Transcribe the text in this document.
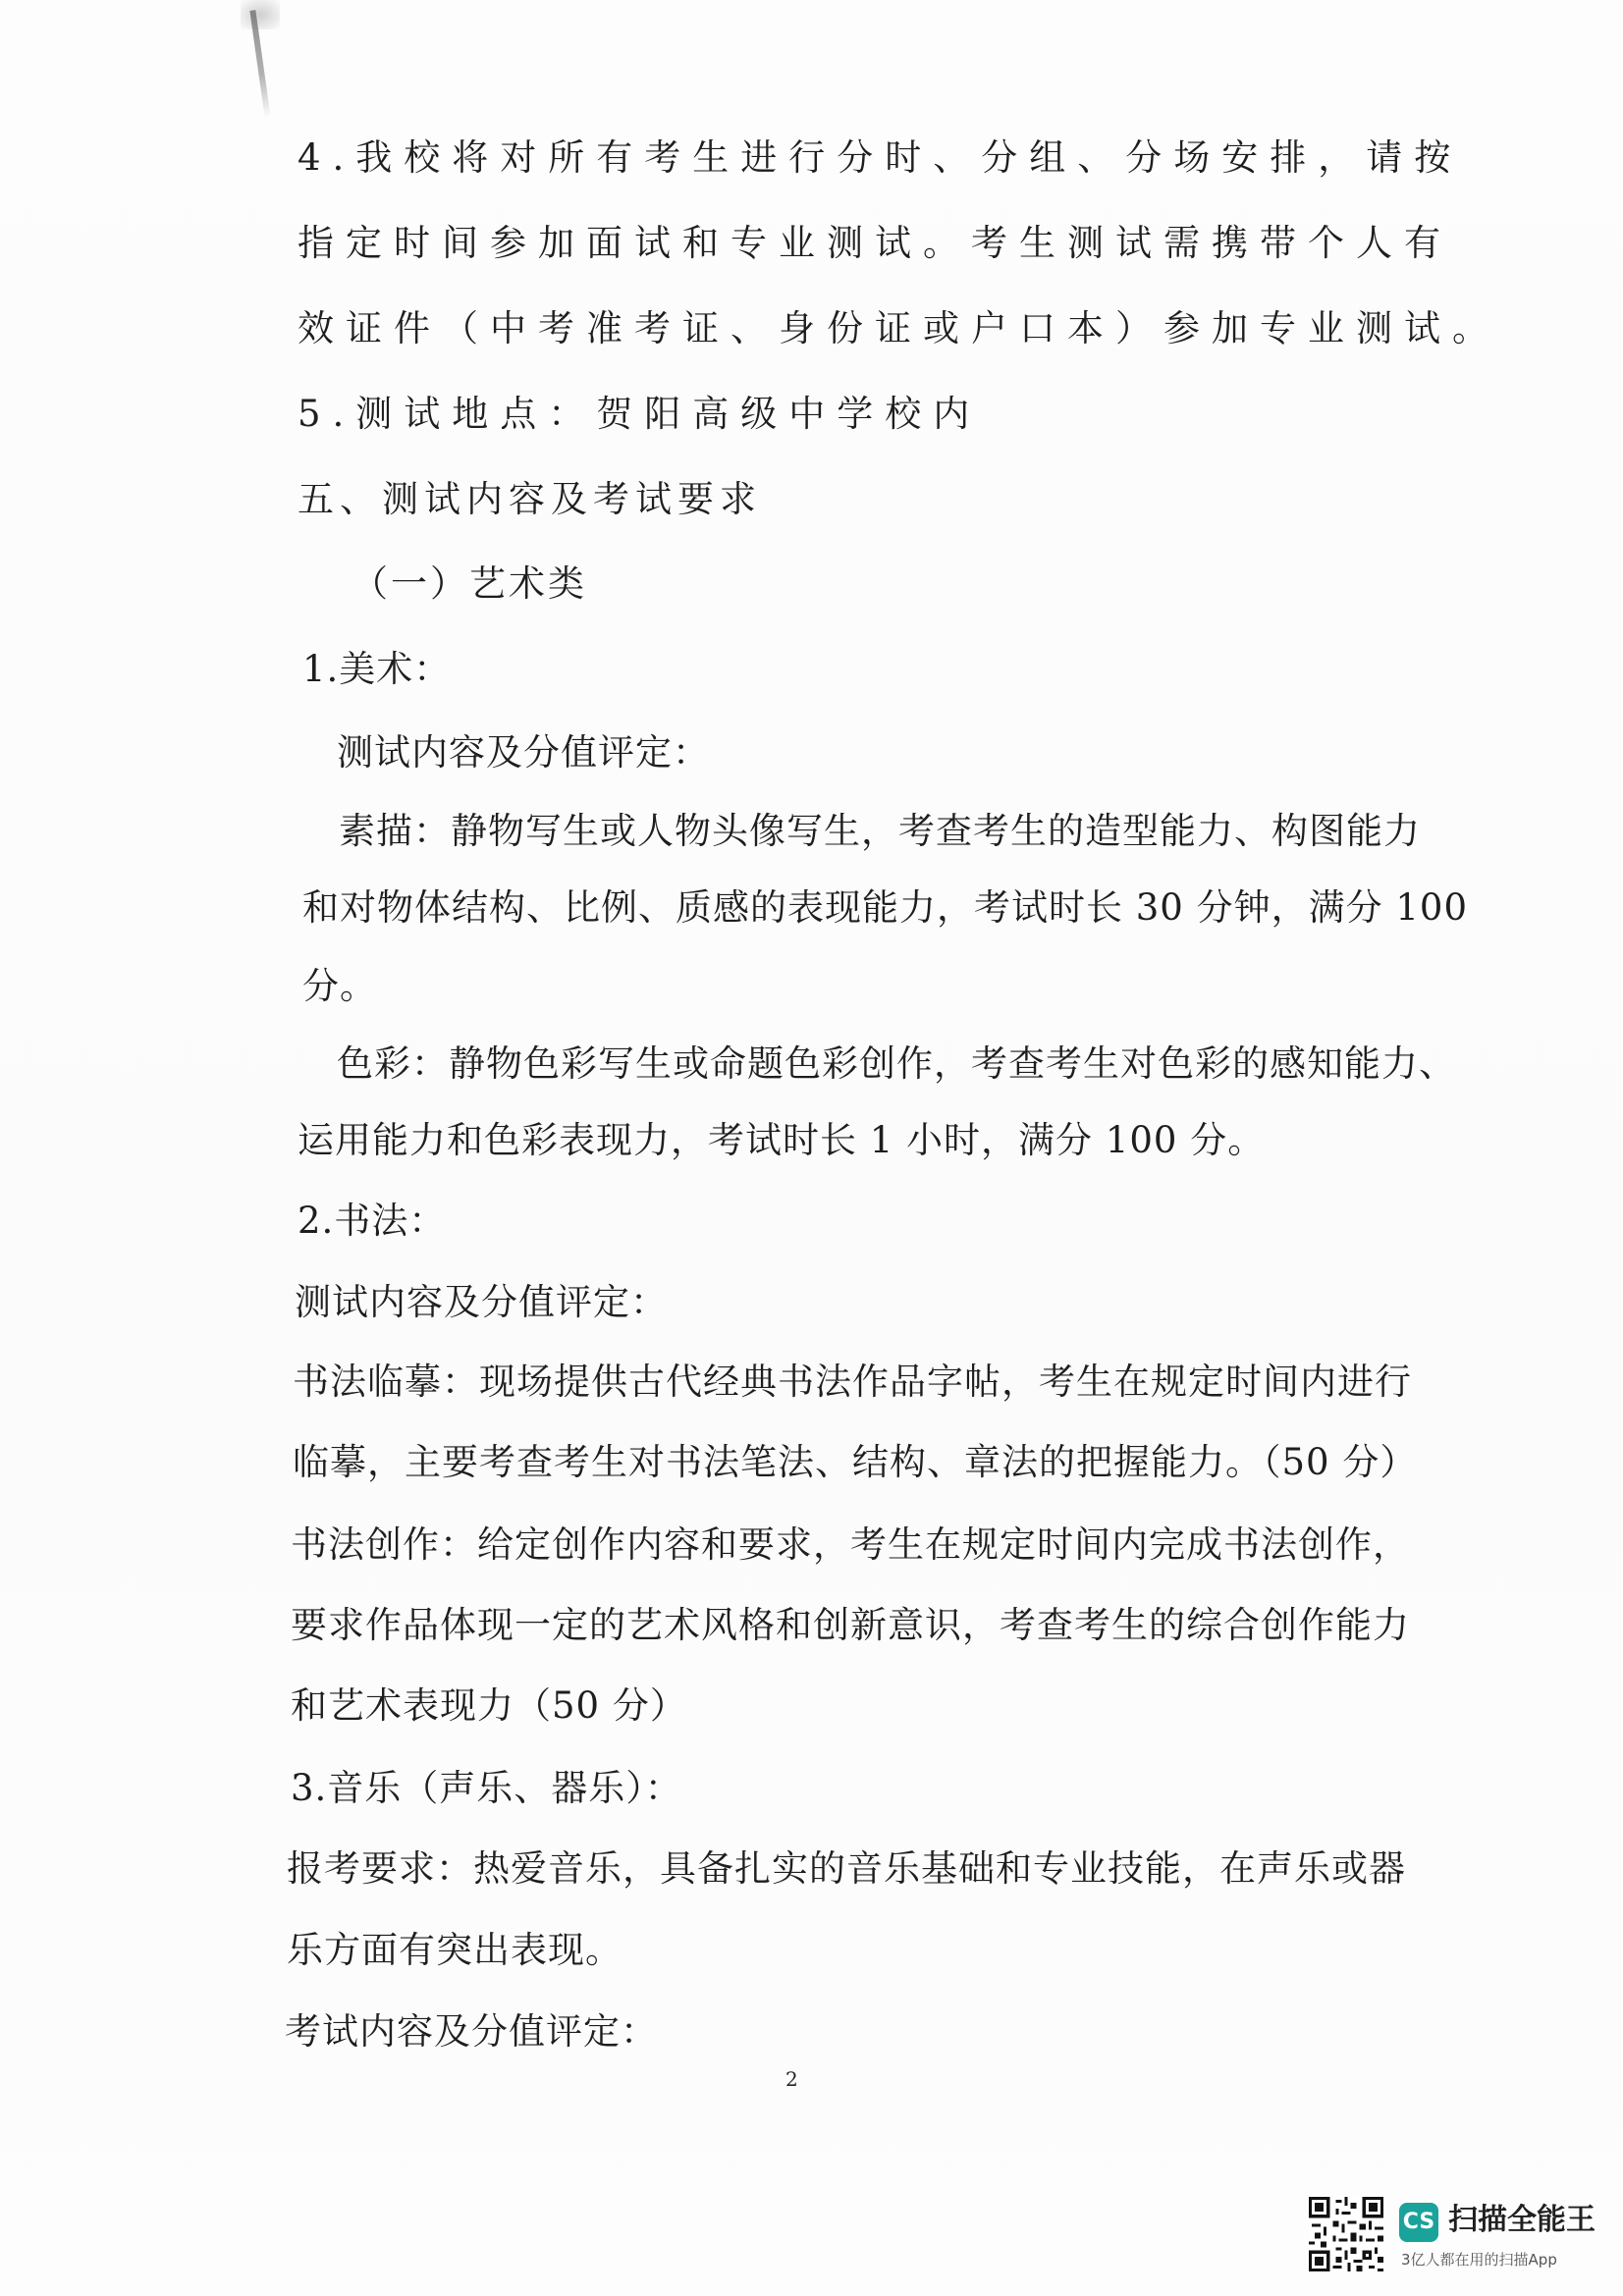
4.我校将对所有考生进行分时、分组、分场安排，请按
指定时间参加面试和专业测试。考生测试需携带个人有
效证件（中考准考证、身份证或户口本）参加专业测试。
5.测试地点：贺阳高级中学校内
五、测试内容及考试要求
（一）艺术类
1.美术：
测试内容及分值评定：
素描：静物写生或人物头像写生，考查考生的造型能力、构图能力
和对物体结构、比例、质感的表现能力，考试时长 30 分钟，满分 100
分。
色彩：静物色彩写生或命题色彩创作，考查考生对色彩的感知能力、
运用能力和色彩表现力，考试时长 1 小时，满分 100 分。
2.书法：
测试内容及分值评定：
书法临摹：现场提供古代经典书法作品字帖，考生在规定时间内进行
临摹，主要考查考生对书法笔法、结构、章法的把握能力。（50 分）
书法创作：给定创作内容和要求，考生在规定时间内完成书法创作，
要求作品体现一定的艺术风格和创新意识，考查考生的综合创作能力
和艺术表现力（50 分）
3.音乐（声乐、器乐）：
报考要求：热爱音乐，具备扎实的音乐基础和专业技能，在声乐或器
乐方面有突出表现。
考试内容及分值评定：
2
CS 扫描全能王
3亿人都在用的扫描App
